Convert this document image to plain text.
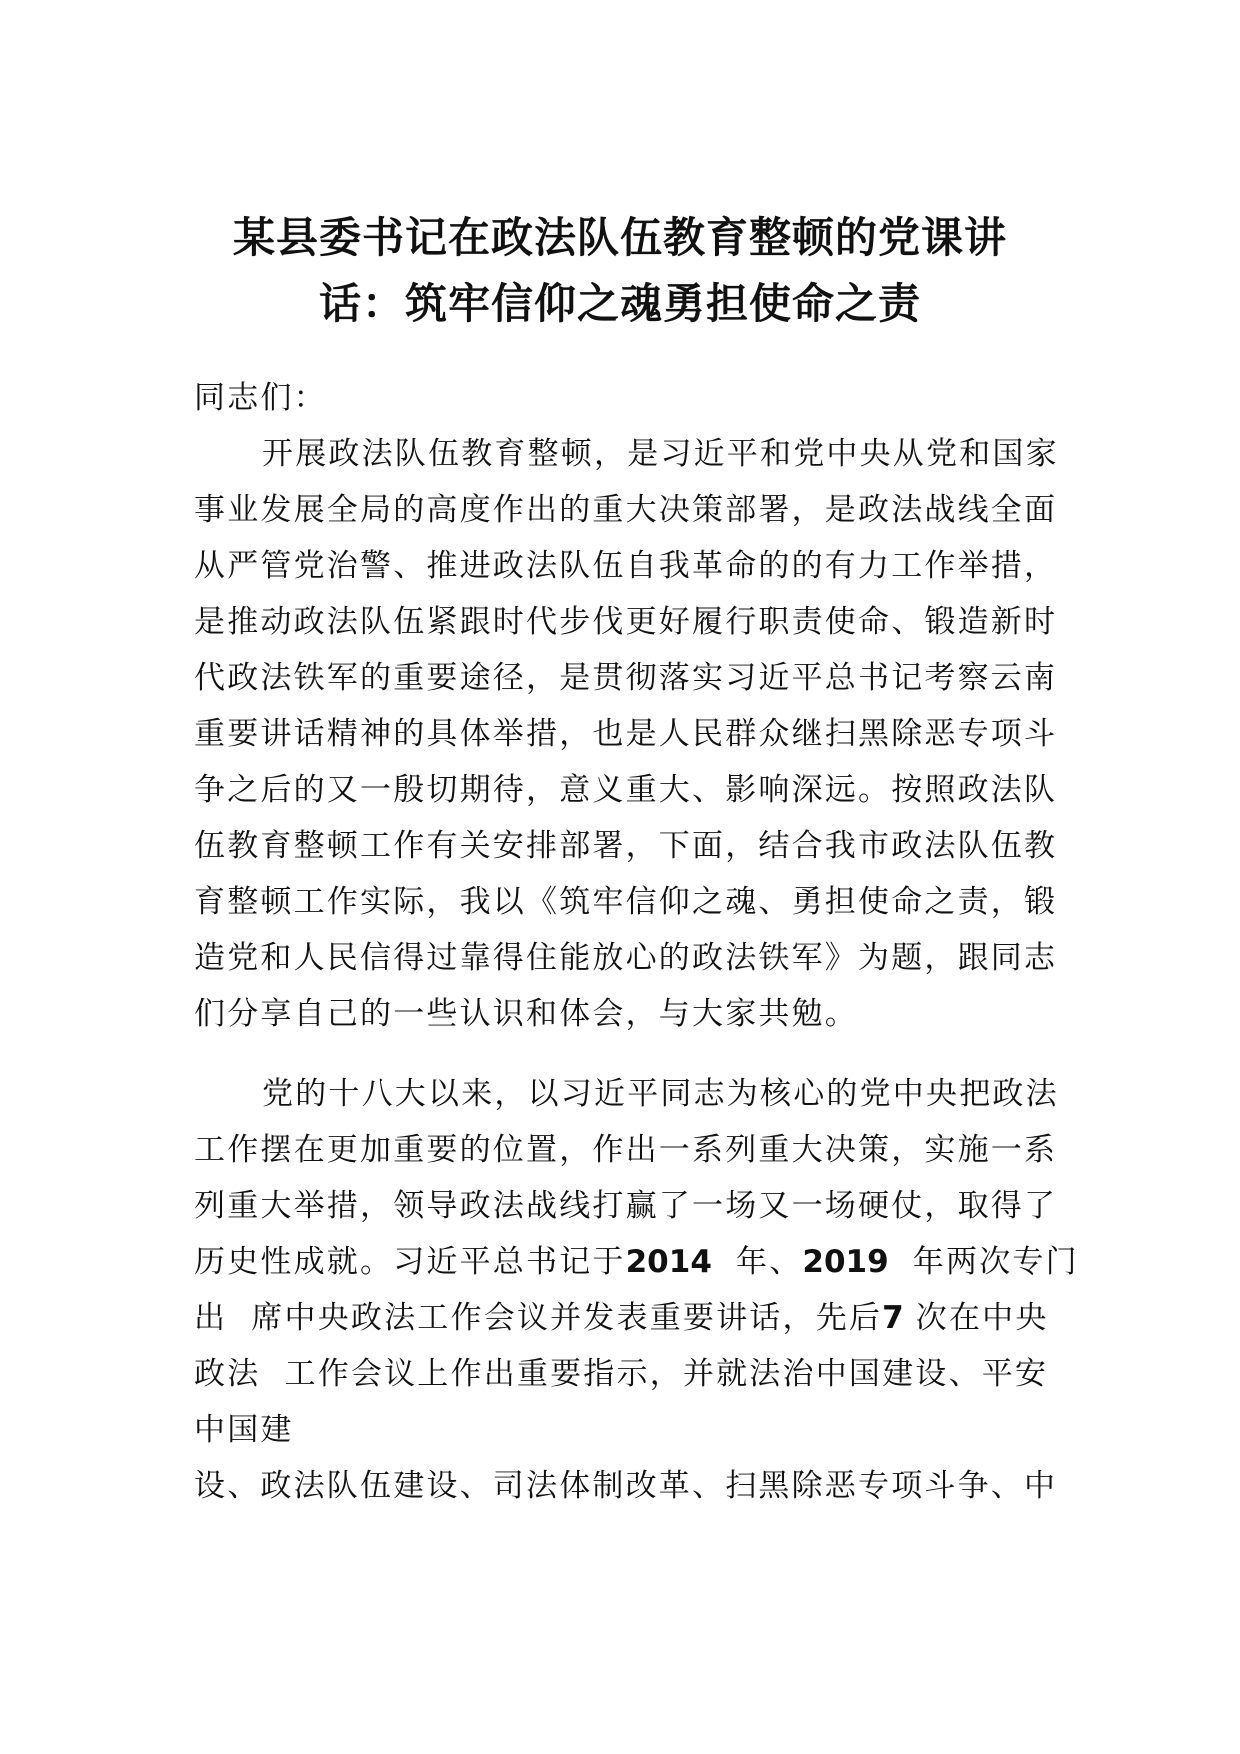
某县委书记在政法队伍教育整顿的党课讲
话：筑牢信仰之魂勇担使命之责
同志们：
开展政法队伍教育整顿，是习近平和党中央从党和国家
事业发展全局的高度作出的重大决策部署，是政法战线全面
从严管党治警、推进政法队伍自我革命的的有力工作举措，
是推动政法队伍紧跟时代步伐更好履行职责使命、锻造新时
代政法铁军的重要途径，是贯彻落实习近平总书记考察云南
重要讲话精神的具体举措，也是人民群众继扫黑除恶专项斗
争之后的又一殷切期待，意义重大、影响深远。按照政法队
伍教育整顿工作有关安排部署，下面，结合我市政法队伍教
育整顿工作实际，我以《筑牢信仰之魂、勇担使命之责，锻
造党和人民信得过靠得住能放心的政法铁军》为题，跟同志
们分享自己的一些认识和体会，与大家共勉。
党的十八大以来，以习近平同志为核心的党中央把政法
工作摆在更加重要的位置，作出一系列重大决策，实施一系
列重大举措，领导政法战线打赢了一场又一场硬仗，取得了
历史性成就。习近平总书记于2014  年、2019  年两次专门
出  席中央政法工作会议并发表重要讲话，先后7 次在中央
政法  工作会议上作出重要指示，并就法治中国建设、平安
中国建
设、政法队伍建设、司法体制改革、扫黑除恶专项斗争、中
